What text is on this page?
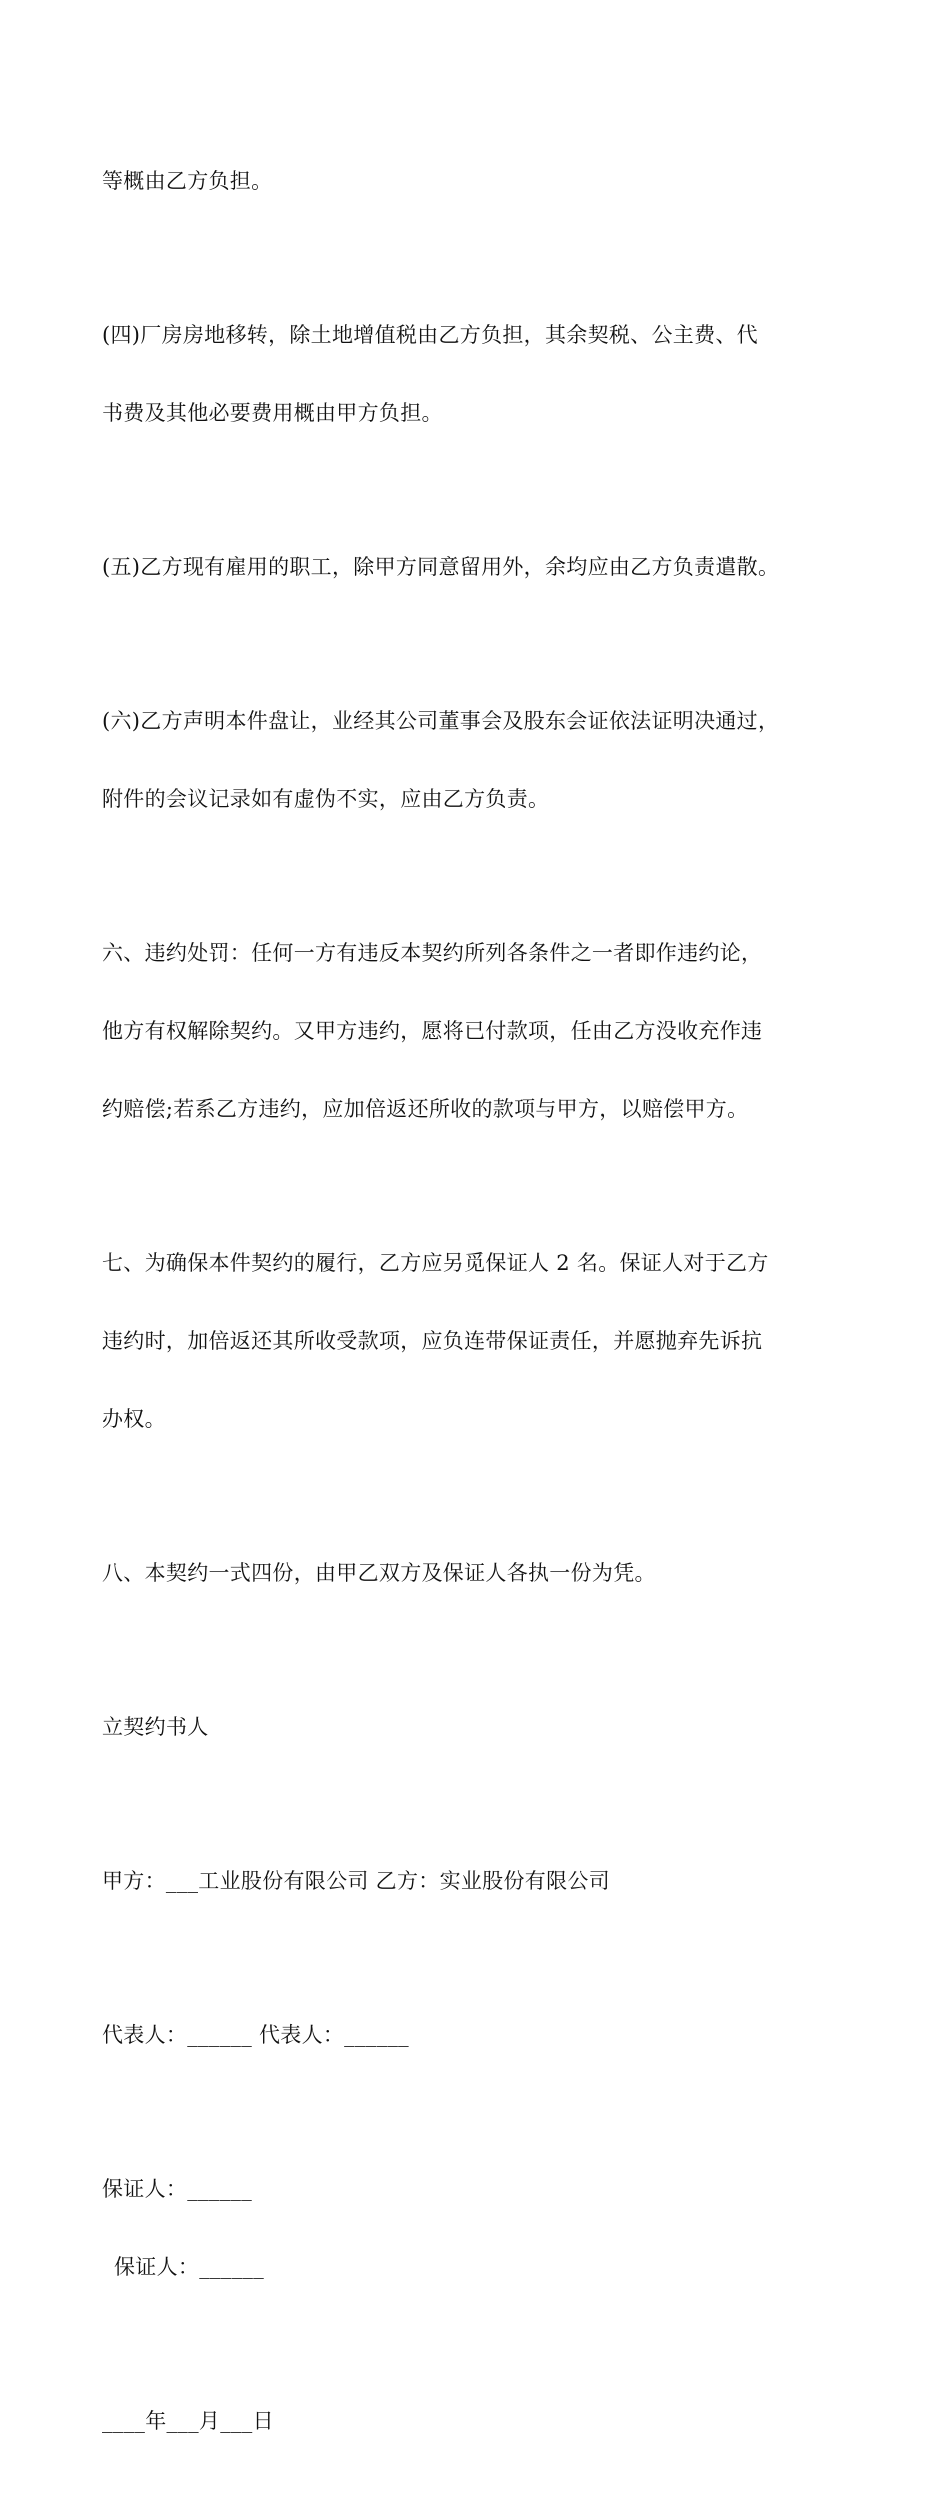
等概由乙方负担。

(四)厂房房地移转，除土地增值税由乙方负担，其余契税、公主费、代

书费及其他必要费用概由甲方负担。

(五)乙方现有雇用的职工，除甲方同意留用外，余均应由乙方负责遣散。

(六)乙方声明本件盘让，业经其公司董事会及股东会证依法证明决通过，

附件的会议记录如有虚伪不实，应由乙方负责。

六、违约处罚：任何一方有违反本契约所列各条件之一者即作违约论，

他方有权解除契约。又甲方违约，愿将已付款项，任由乙方没收充作违

约赔偿;若系乙方违约，应加倍返还所收的款项与甲方，以赔偿甲方。

七、为确保本件契约的履行，乙方应另觅保证人 2 名。保证人对于乙方

违约时，加倍返还其所收受款项，应负连带保证责任，并愿抛弃先诉抗

办权。

八、本契约一式四份，由甲乙双方及保证人各执一份为凭。

立契约书人

甲方：___工业股份有限公司 乙方：实业股份有限公司

代表人：______ 代表人：______

保证人：______

保证人：______

____年___月___日
